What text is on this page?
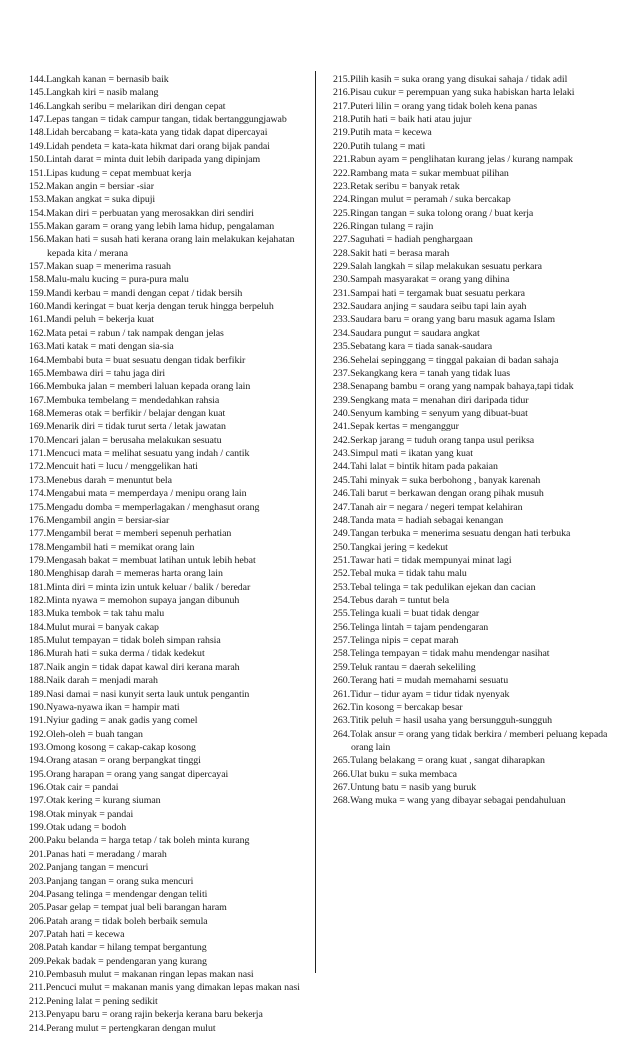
144.Langkah kanan = bernasib baik
145.Langkah kiri = nasib malang
146.Langkah seribu = melarikan diri dengan cepat
147.Lepas tangan = tidak campur tangan, tidak bertanggungjawab
148.Lidah bercabang = kata-kata yang tidak dapat dipercayai
149.Lidah pendeta = kata-kata hikmat dari orang bijak pandai
150.Lintah darat = minta duit lebih daripada yang dipinjam
151.Lipas kudung = cepat membuat kerja
152.Makan angin = bersiar -siar
153.Makan angkat = suka dipuji
154.Makan diri = perbuatan yang merosakkan diri sendiri
155.Makan garam = orang yang lebih lama hidup, pengalaman
156.Makan hati = susah hati kerana orang lain melakukan kejahatan kepada kita / merana
157.Makan suap = menerima rasuah
158.Malu-malu kucing = pura-pura malu
159.Mandi kerbau = mandi dengan cepat / tidak bersih
160.Mandi keringat = buat kerja dengan teruk hingga berpeluh
161.Mandi peluh = bekerja kuat
162.Mata petai = rabun / tak nampak dengan jelas
163.Mati katak = mati dengan sia-sia
164.Membabi buta = buat sesuatu dengan tidak berfikir
165.Membawa diri = tahu jaga diri
166.Membuka jalan = memberi laluan kepada orang lain
167.Membuka tembelang = mendedahkan rahsia
168.Memeras otak = berfikir / belajar dengan kuat
169.Menarik diri = tidak turut serta / letak jawatan
170.Mencari jalan = berusaha melakukan sesuatu
171.Mencuci mata = melihat sesuatu yang indah / cantik
172.Mencuit hati = lucu / menggelikan hati
173.Menebus darah = menuntut bela
174.Mengabui mata = memperdaya / menipu orang lain
175.Mengadu domba = memperlagakan / menghasut orang
176.Mengambil angin = bersiar-siar
177.Mengambil berat = memberi sepenuh perhatian
178.Mengambil hati = memikat orang lain
179.Mengasah bakat = membuat latihan untuk lebih hebat
180.Menghisap darah = memeras harta orang lain
181.Minta diri = minta izin untuk keluar / balik / beredar
182.Minta nyawa = memohon supaya jangan dibunuh
183.Muka tembok = tak tahu malu
184.Mulut murai = banyak cakap
185.Mulut tempayan = tidak boleh simpan rahsia
186.Murah hati = suka derma / tidak kedekut
187.Naik angin = tidak dapat kawal diri kerana marah
188.Naik darah = menjadi marah
189.Nasi damai = nasi kunyit serta lauk untuk pengantin
190.Nyawa-nyawa ikan = hampir mati
191.Nyiur gading = anak gadis yang comel
192.Oleh-oleh = buah tangan
193.Omong kosong = cakap-cakap kosong
194.Orang atasan = orang berpangkat tinggi
195.Orang harapan = orang yang sangat dipercayai
196.Otak cair = pandai
197.Otak kering = kurang siuman
198.Otak minyak = pandai
199.Otak udang = bodoh
200.Paku belanda = harga tetap / tak boleh minta kurang
201.Panas hati = meradang / marah
202.Panjang tangan = mencuri
203.Panjang tangan = orang suka mencuri
204.Pasang telinga = mendengar dengan teliti
205.Pasar gelap = tempat jual beli barangan haram
206.Patah arang = tidak boleh berbaik semula
207.Patah hati = kecewa
208.Patah kandar = hilang tempat bergantung
209.Pekak badak = pendengaran yang kurang
210.Pembasuh mulut = makanan ringan lepas makan nasi
211.Pencuci mulut = makanan manis yang dimakan lepas makan nasi
212.Pening lalat = pening sedikit
213.Penyapu baru = orang rajin bekerja kerana baru bekerja
214.Perang mulut = pertengkaran dengan mulut
215.Pilih kasih = suka orang yang disukai sahaja / tidak adil
216.Pisau cukur = perempuan yang suka habiskan harta lelaki
217.Puteri lilin = orang yang tidak boleh kena panas
218.Putih hati = baik hati atau jujur
219.Putih mata = kecewa
220.Putih tulang = mati
221.Rabun ayam = penglihatan kurang jelas / kurang nampak
222.Rambang mata = sukar membuat pilihan
223.Retak seribu = banyak retak
224.Ringan mulut = peramah / suka bercakap
225.Ringan tangan = suka tolong orang / buat kerja
226.Ringan tulang = rajin
227.Saguhati = hadiah penghargaan
228.Sakit hati = berasa marah
229.Salah langkah = silap melakukan sesuatu perkara
230.Sampah masyarakat = orang yang dihina
231.Sampai hati = tergamak buat sesuatu perkara
232.Saudara anjing = saudara seibu tapi lain ayah
233.Saudara baru = orang yang baru masuk agama Islam
234.Saudara pungut = saudara angkat
235.Sebatang kara = tiada sanak-saudara
236.Sehelai sepinggang = tinggal pakaian di badan sahaja
237.Sekangkang kera = tanah yang tidak luas
238.Senapang bambu = orang yang nampak bahaya,tapi tidak
239.Sengkang mata = menahan diri daripada tidur
240.Senyum kambing = senyum yang dibuat-buat
241.Sepak kertas = menganggur
242.Serkap jarang = tuduh orang tanpa usul periksa
243.Simpul mati = ikatan yang kuat
244.Tahi lalat = bintik hitam pada pakaian
245.Tahi minyak = suka berbohong , banyak karenah
246.Tali barut = berkawan dengan orang pihak musuh
247.Tanah air = negara / negeri tempat kelahiran
248.Tanda mata = hadiah sebagai kenangan
249.Tangan terbuka = menerima sesuatu dengan hati terbuka
250.Tangkai jering = kedekut
251.Tawar hati = tidak mempunyai minat lagi
252.Tebal muka = tidak tahu malu
253.Tebal telinga = tak pedulikan ejekan dan cacian
254.Tebus darah = tuntut bela
255.Telinga kuali = buat tidak dengar
256.Telinga lintah = tajam pendengaran
257.Telinga nipis = cepat marah
258.Telinga tempayan = tidak mahu mendengar nasihat
259.Teluk rantau = daerah sekeliling
260.Terang hati = mudah memahami sesuatu
261.Tidur – tidur ayam = tidur tidak nyenyak
262.Tin kosong = bercakap besar
263.Titik peluh = hasil usaha yang bersungguh-sungguh
264.Tolak ansur = orang yang tidak berkira / memberi peluang kepada orang lain
265.Tulang belakang = orang kuat , sangat diharapkan
266.Ulat buku = suka membaca
267.Untung batu = nasib yang buruk
268.Wang muka = wang yang dibayar sebagai pendahuluan
